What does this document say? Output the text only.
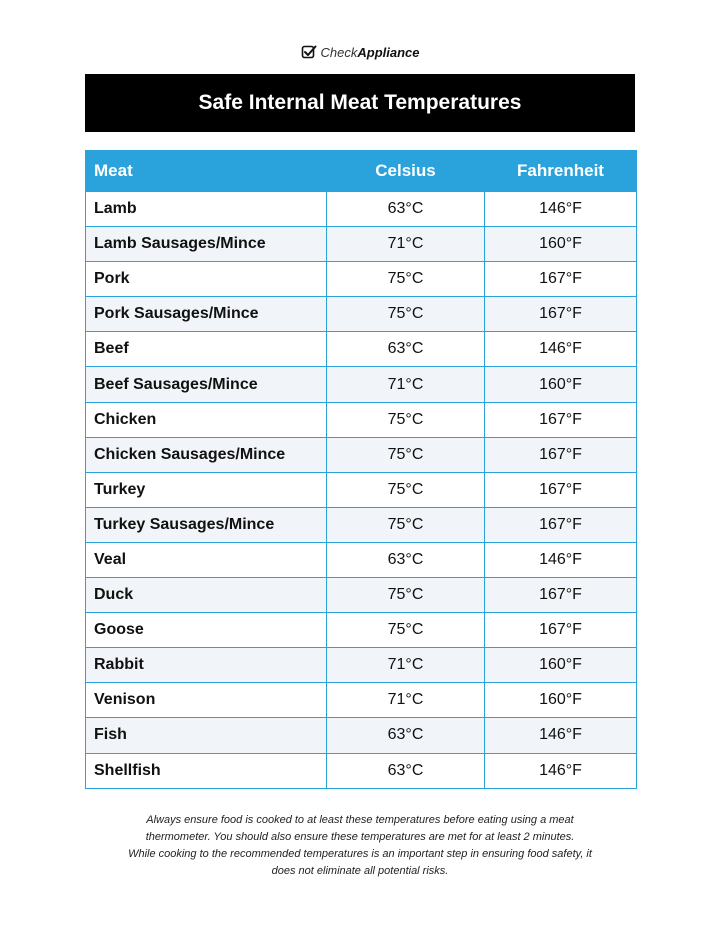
CheckAppliance
Safe Internal Meat Temperatures
Meat	Celsius	Fahrenheit
Lamb	63°C	146°F
Lamb Sausages/Mince	71°C	160°F
Pork	75°C	167°F
Pork Sausages/Mince	75°C	167°F
Beef	63°C	146°F
Beef Sausages/Mince	71°C	160°F
Chicken	75°C	167°F
Chicken Sausages/Mince	75°C	167°F
Turkey	75°C	167°F
Turkey Sausages/Mince	75°C	167°F
Veal	63°C	146°F
Duck	75°C	167°F
Goose	75°C	167°F
Rabbit	71°C	160°F
Venison	71°C	160°F
Fish	63°C	146°F
Shellfish	63°C	146°F

Always ensure food is cooked to at least these temperatures before eating using a meat

thermometer. You should also ensure these temperatures are met for at least 2 minutes.

While cooking to the recommended temperatures is an important step in ensuring food safety, it

does not eliminate all potential risks.
